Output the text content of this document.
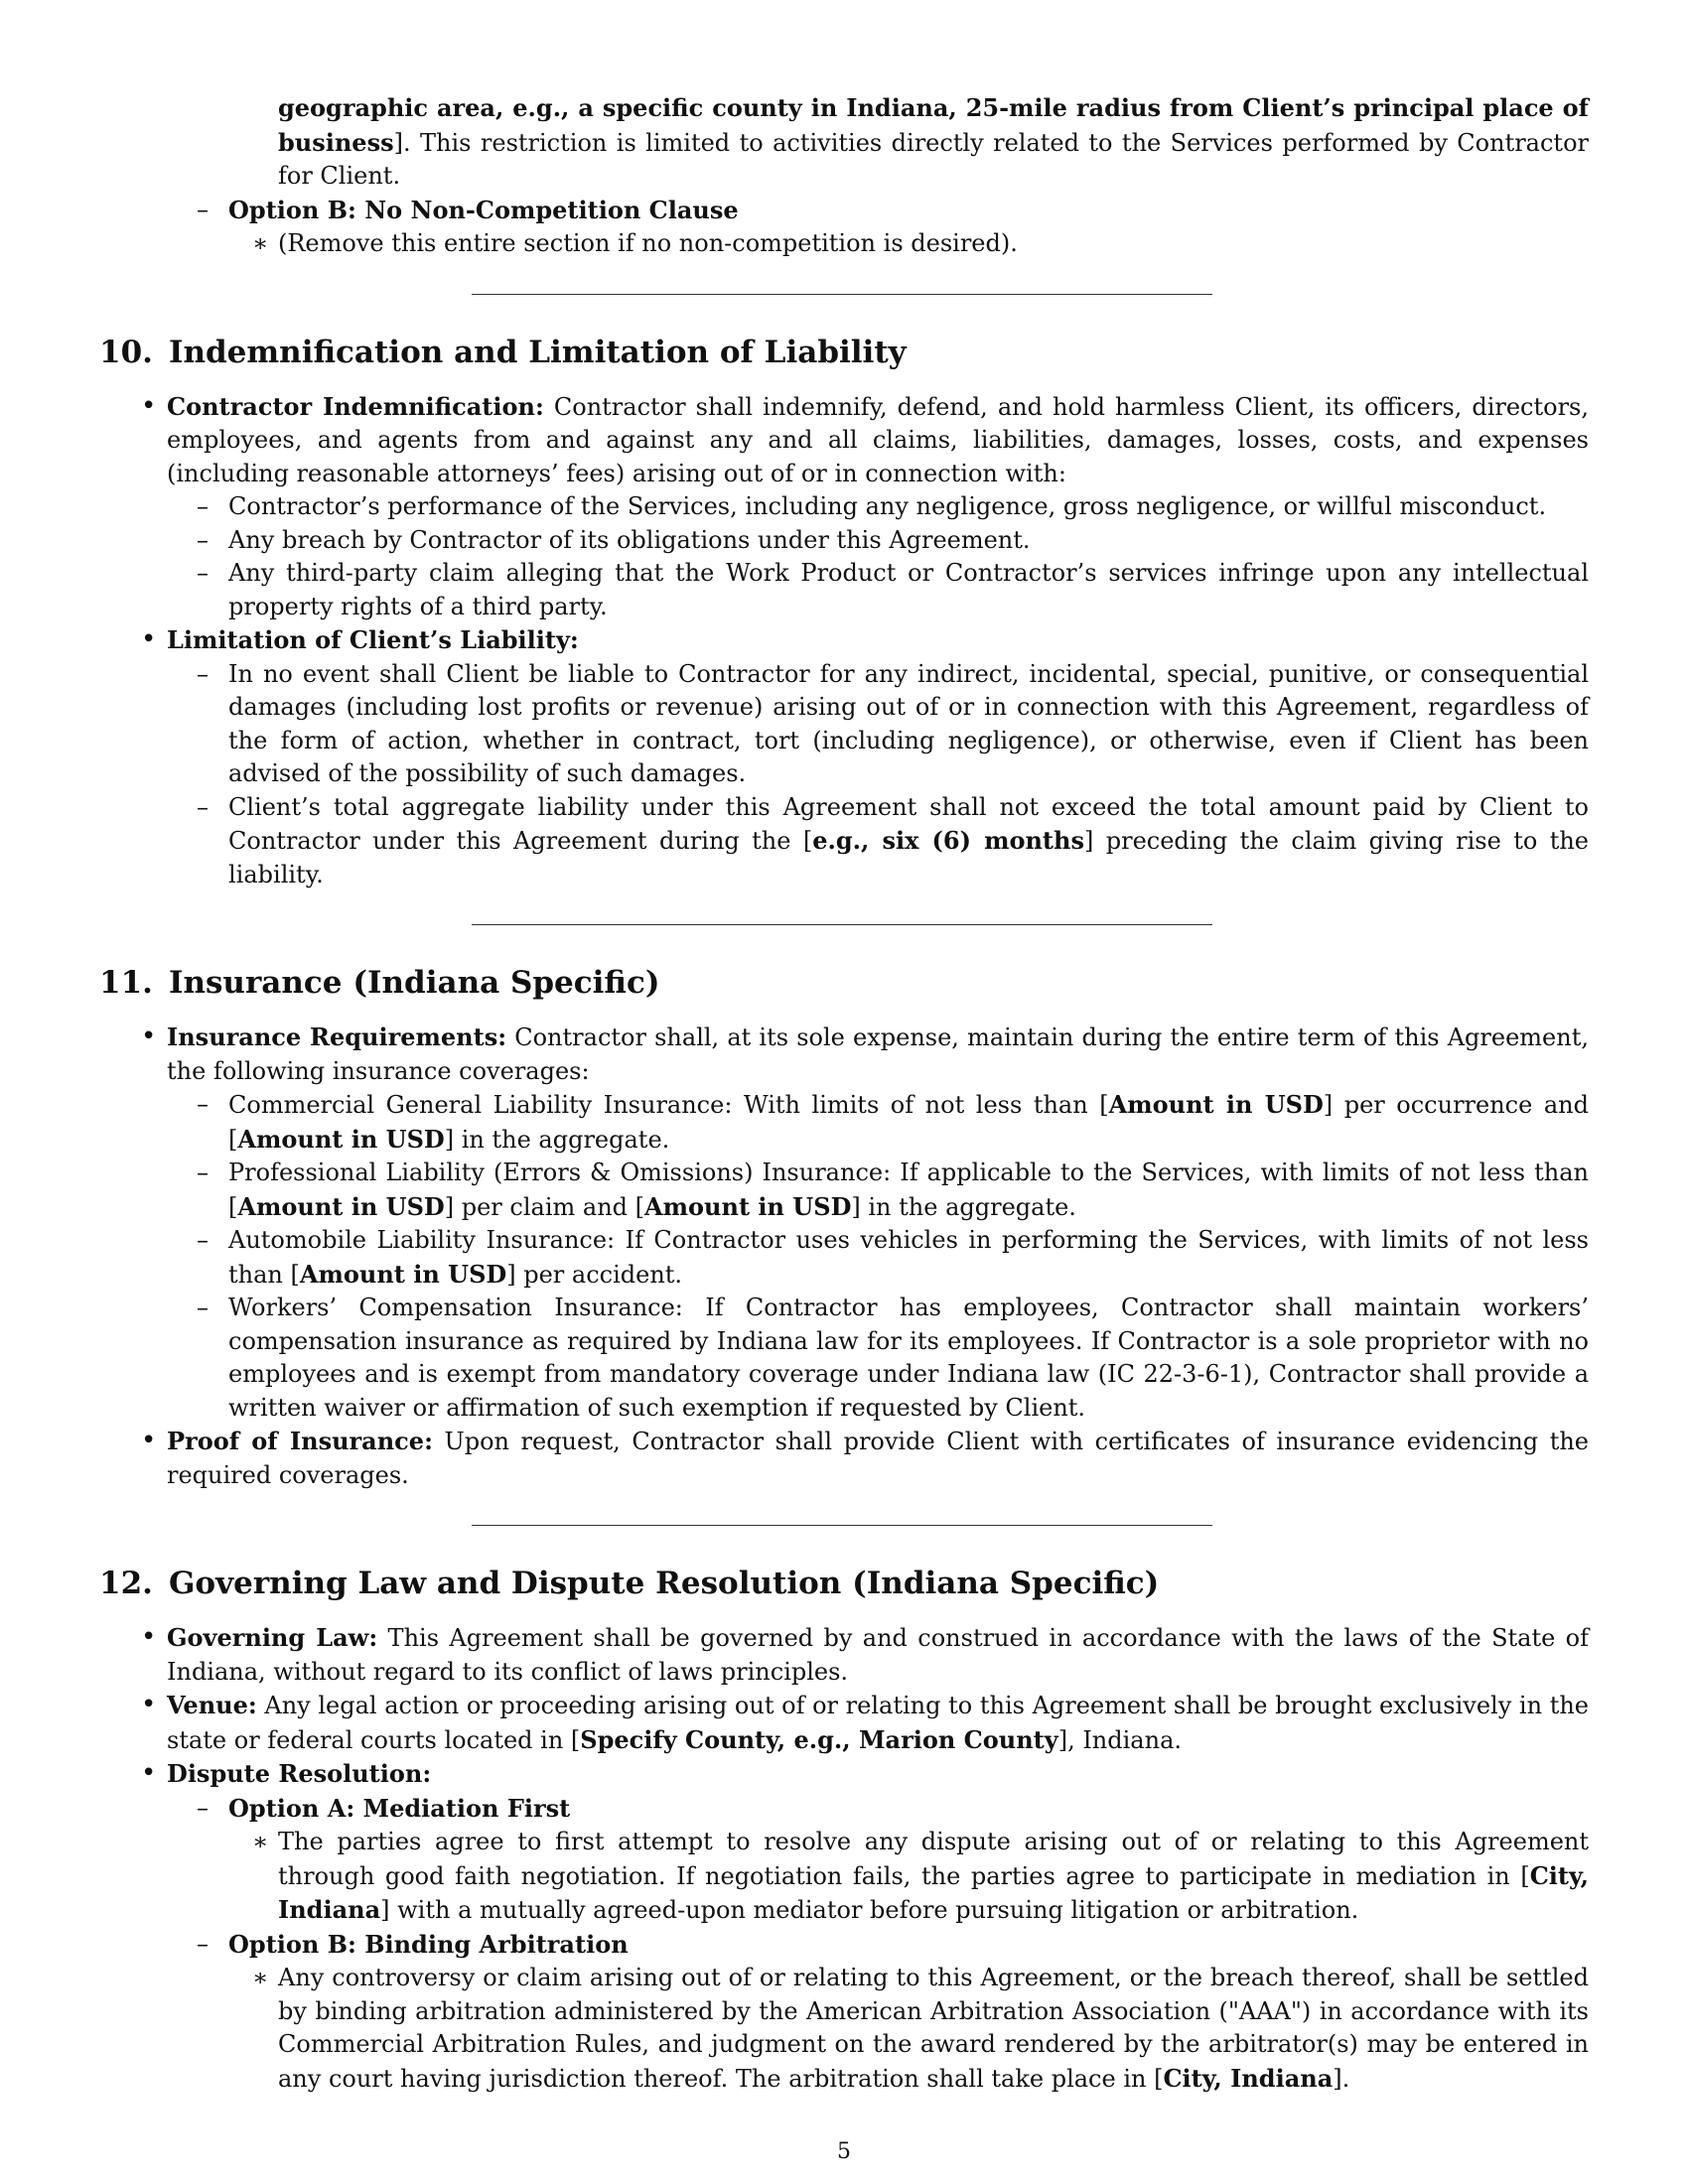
geographic area, e.g., a specific county in Indiana, 25-mile radius from Client’s principal place of business]. This restriction is limited to activities directly related to the Services performed by Contractor for Client.
– Option B: No Non-Competition Clause
∗ (Remove this entire section if no non-competition is desired).
10. Indemnification and Limitation of Liability
• Contractor Indemnification: Contractor shall indemnify, defend, and hold harmless Client, its officers, directors, employees, and agents from and against any and all claims, liabilities, damages, losses, costs, and expenses (including reasonable attorneys’ fees) arising out of or in connection with:
– Contractor’s performance of the Services, including any negligence, gross negligence, or willful misconduct.
– Any breach by Contractor of its obligations under this Agreement.
– Any third-party claim alleging that the Work Product or Contractor’s services infringe upon any intellectual property rights of a third party.
• Limitation of Client’s Liability:
– In no event shall Client be liable to Contractor for any indirect, incidental, special, punitive, or consequential damages (including lost profits or revenue) arising out of or in connection with this Agreement, regardless of the form of action, whether in contract, tort (including negligence), or otherwise, even if Client has been advised of the possibility of such damages.
– Client’s total aggregate liability under this Agreement shall not exceed the total amount paid by Client to Contractor under this Agreement during the [e.g., six (6) months] preceding the claim giving rise to the liability.
11. Insurance (Indiana Specific)
• Insurance Requirements: Contractor shall, at its sole expense, maintain during the entire term of this Agreement, the following insurance coverages:
– Commercial General Liability Insurance: With limits of not less than [Amount in USD] per occurrence and [Amount in USD] in the aggregate.
– Professional Liability (Errors & Omissions) Insurance: If applicable to the Services, with limits of not less than [Amount in USD] per claim and [Amount in USD] in the aggregate.
– Automobile Liability Insurance: If Contractor uses vehicles in performing the Services, with limits of not less than [Amount in USD] per accident.
– Workers’ Compensation Insurance: If Contractor has employees, Contractor shall maintain workers’ compensation insurance as required by Indiana law for its employees. If Contractor is a sole proprietor with no employees and is exempt from mandatory coverage under Indiana law (IC 22-3-6-1), Contractor shall provide a written waiver or affirmation of such exemption if requested by Client.
• Proof of Insurance: Upon request, Contractor shall provide Client with certificates of insurance evidencing the required coverages.
12. Governing Law and Dispute Resolution (Indiana Specific)
• Governing Law: This Agreement shall be governed by and construed in accordance with the laws of the State of Indiana, without regard to its conflict of laws principles.
• Venue: Any legal action or proceeding arising out of or relating to this Agreement shall be brought exclusively in the state or federal courts located in [Specify County, e.g., Marion County], Indiana.
• Dispute Resolution:
– Option A: Mediation First
∗ The parties agree to first attempt to resolve any dispute arising out of or relating to this Agreement through good faith negotiation. If negotiation fails, the parties agree to participate in mediation in [City, Indiana] with a mutually agreed-upon mediator before pursuing litigation or arbitration.
– Option B: Binding Arbitration
∗ Any controversy or claim arising out of or relating to this Agreement, or the breach thereof, shall be settled by binding arbitration administered by the American Arbitration Association ("AAA") in accordance with its Commercial Arbitration Rules, and judgment on the award rendered by the arbitrator(s) may be entered in any court having jurisdiction thereof. The arbitration shall take place in [City, Indiana].
5
